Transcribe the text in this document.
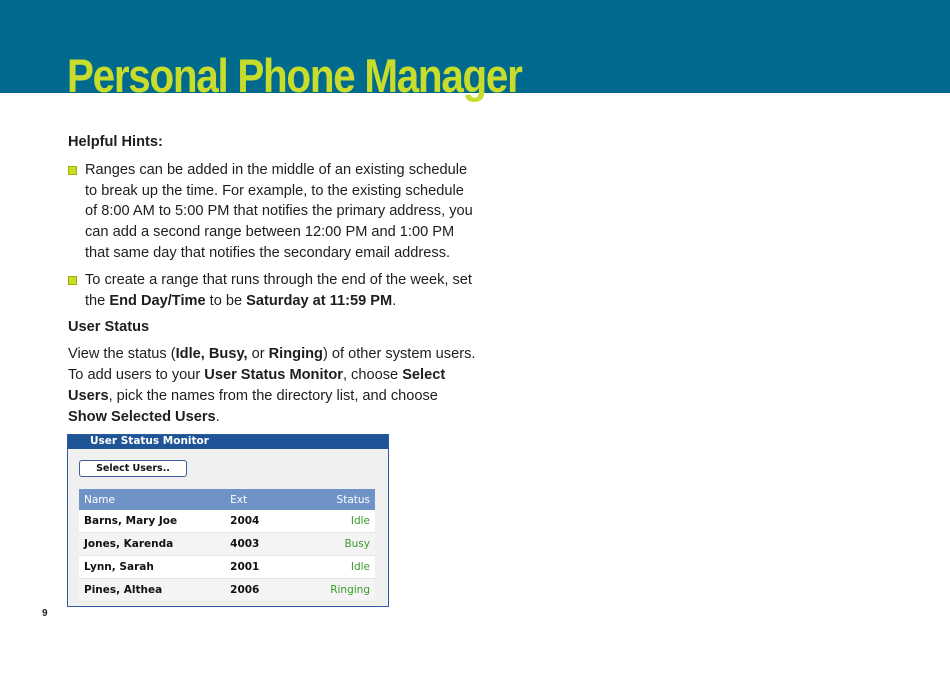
Personal Phone Manager

Helpful Hints:

Ranges can be added in the middle of an existing schedule to break up the time. For example, to the existing schedule of 8:00 AM to 5:00 PM that notifies the primary address, you can add a second range between 12:00 PM and 1:00 PM that same day that notifies the secondary email address.
To create a range that runs through the end of the week, set the End Day/Time to be Saturday at 11:59 PM.

User Status

View the status (Idle, Busy, or Ringing) of other system users. To add users to your User Status Monitor, choose Select Users, pick the names from the directory list, and choose Show Selected Users.

User Status Monitor
Select Users..
Name	Ext	Status
Barns, Mary Joe	2004	Idle
Jones, Karenda	4003	Busy
Lynn, Sarah	2001	Idle
Pines, Althea	2006	Ringing
9
